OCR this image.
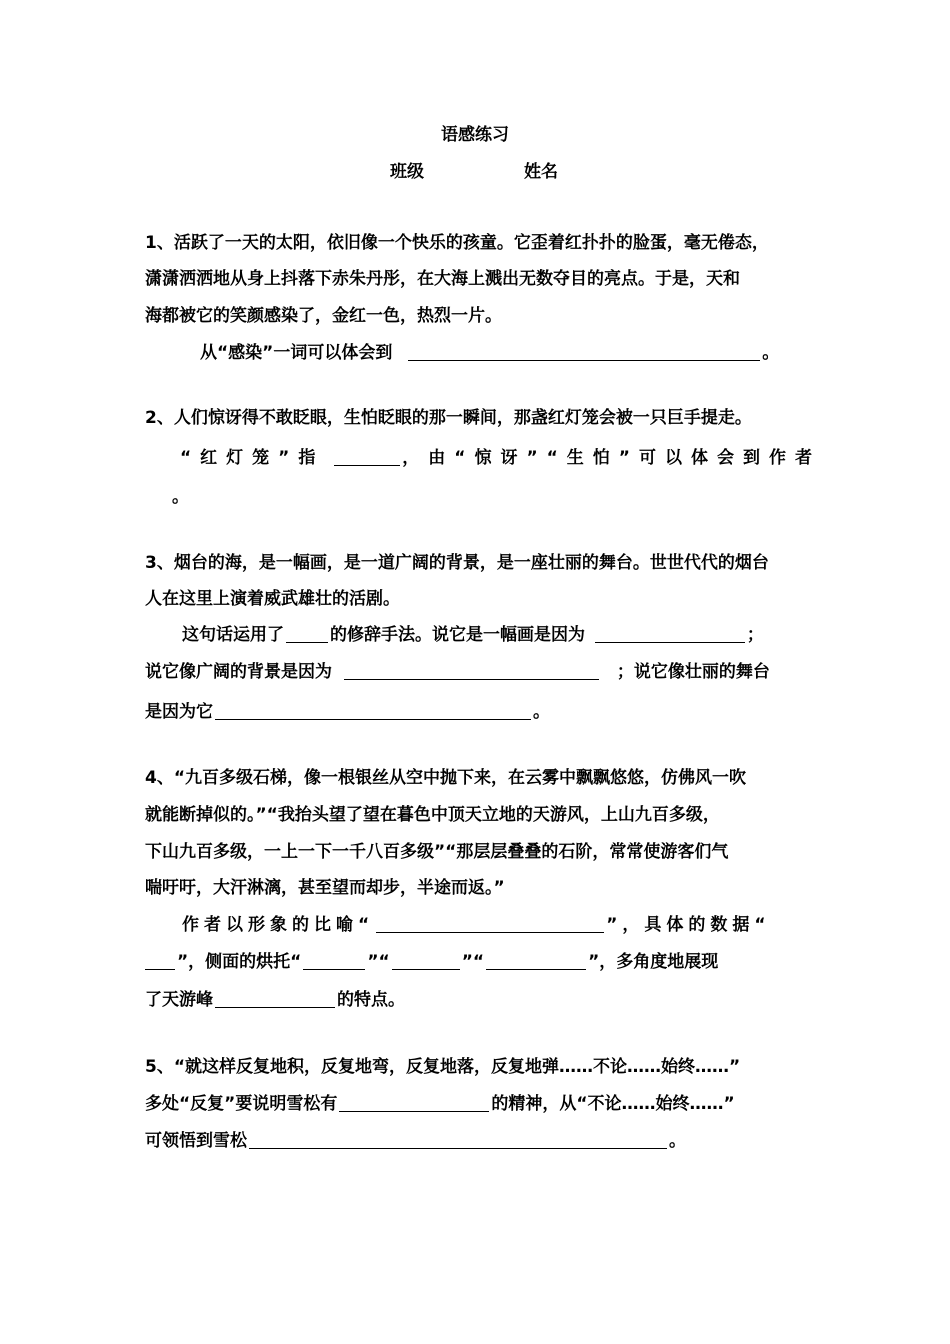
语感练习
班级	姓名
1、活跃了一天的太阳，依旧像一个快乐的孩童。它歪着红扑扑的脸蛋，毫无倦态，
潇潇洒洒地从身上抖落下赤朱丹彤，在大海上溅出无数夺目的亮点。于是，天和
海都被它的笑颜感染了，金红一色，热烈一片。
从“感染”一词可以体会到	。
2、人们惊讶得不敢眨眼，生怕眨眼的那一瞬间，那盏红灯笼会被一只巨手提走。
“红灯笼”指	，由“惊讶”“生怕”可以体会到作者
。
3、烟台的海，是一幅画，是一道广阔的背景，是一座壮丽的舞台。世世代代的烟台
人在这里上演着威武雄壮的活剧。
这句话运用了	的修辞手法。说它是一幅画是因为	；
说它像广阔的背景是因为	；说它像壮丽的舞台
是因为它	。
4、“九百多级石梯，像一根银丝从空中抛下来，在云雾中飘飘悠悠，仿佛风一吹
就能断掉似的。”“我抬头望了望在暮色中顶天立地的天游风，上山九百多级，
下山九百多级，一上一下一千八百多级”“那层层叠叠的石阶，常常使游客们气
喘吁吁，大汗淋漓，甚至望而却步，半途而返。”
作者以形象的比喻“	”，具体的数据“
”，侧面的烘托“	”“	”“	”，多角度地展现
了天游峰	的特点。
5、“就这样反复地积，反复地弯，反复地落，反复地弹……不论……始终……”
多处“反复”要说明雪松有	的精神，从“不论……始终……”
可领悟到雪松	。
